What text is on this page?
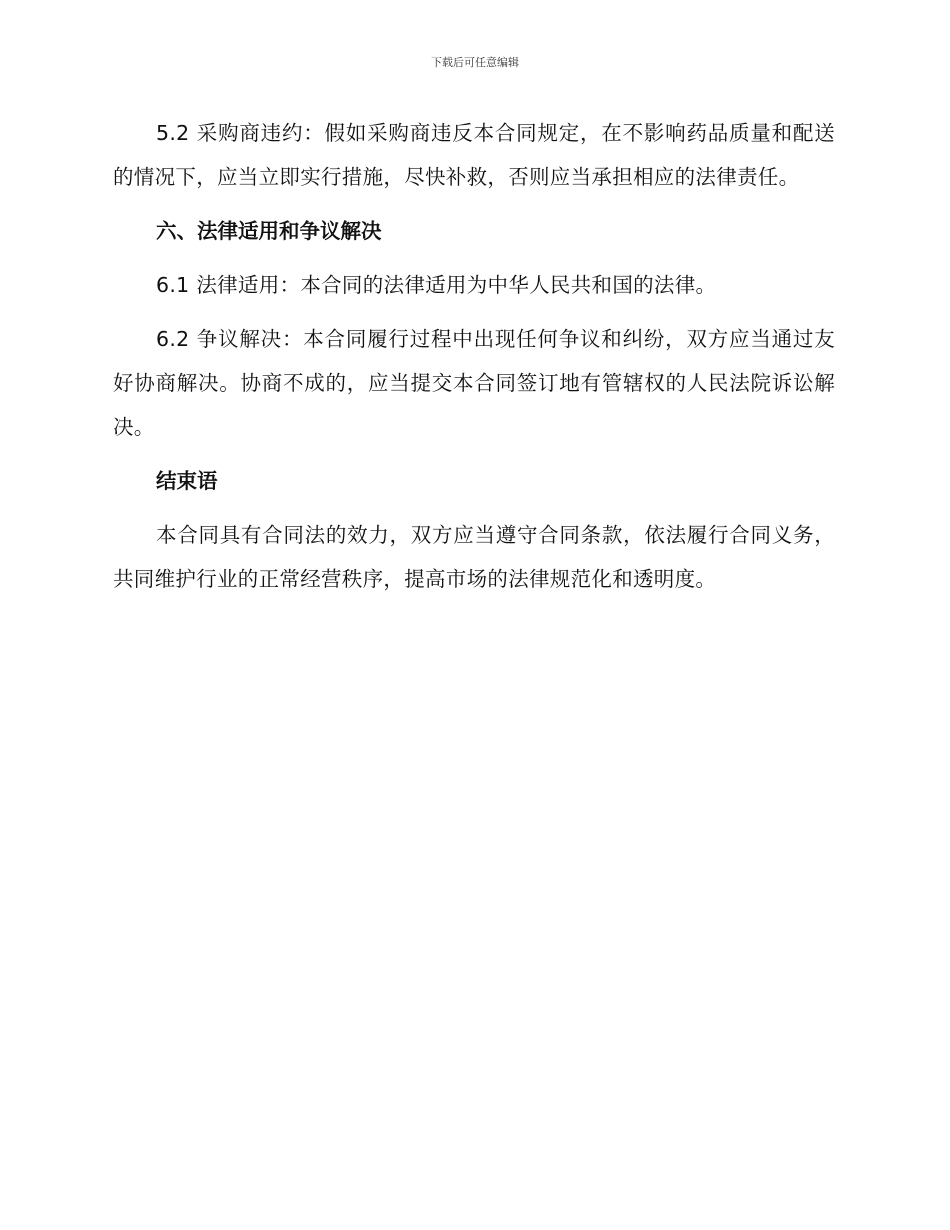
下载后可任意编辑

5.2 采购商违约：假如采购商违反本合同规定，在不影响药品质量和配送的情况下，应当立即实行措施，尽快补救，否则应当承担相应的法律责任。

六、法律适用和争议解决

6.1 法律适用：本合同的法律适用为中华人民共和国的法律。

6.2 争议解决：本合同履行过程中出现任何争议和纠纷，双方应当通过友好协商解决。协商不成的，应当提交本合同签订地有管辖权的人民法院诉讼解决。

结束语

本合同具有合同法的效力，双方应当遵守合同条款，依法履行合同义务，共同维护行业的正常经营秩序，提高市场的法律规范化和透明度。
